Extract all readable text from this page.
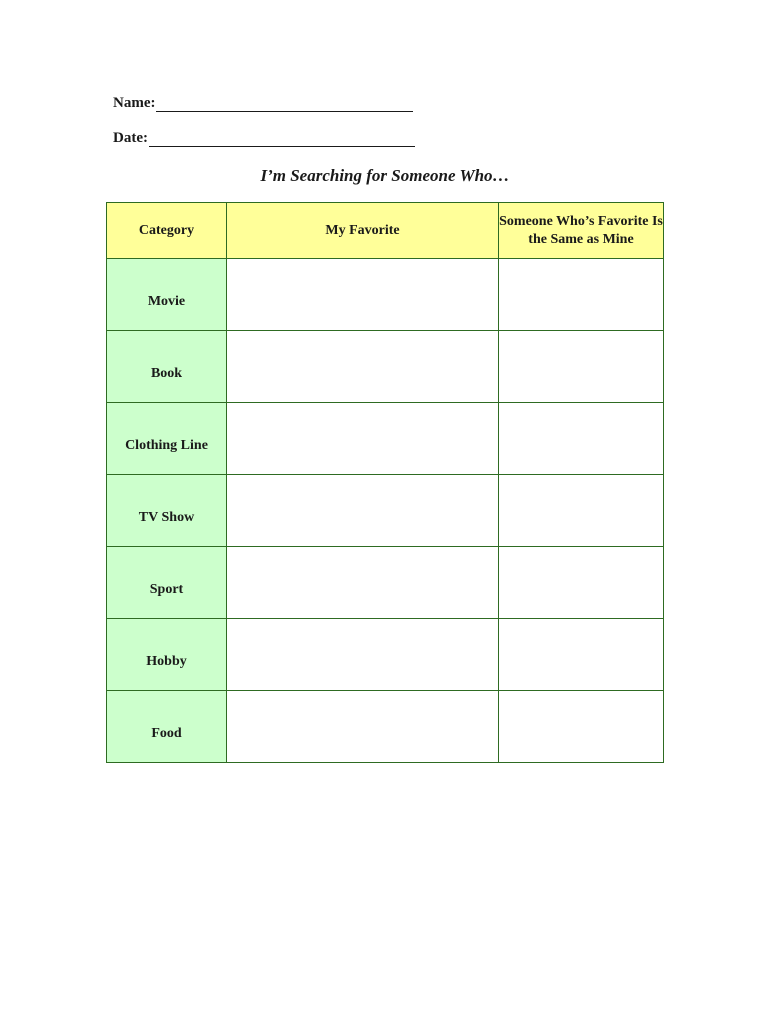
Name:
Date:
I’m Searching for Someone Who…
Category	My Favorite	Someone Who’s Favorite Is the Same as Mine

Movie		

Book		

Clothing Line		

TV Show		

Sport		

Hobby		

Food		
